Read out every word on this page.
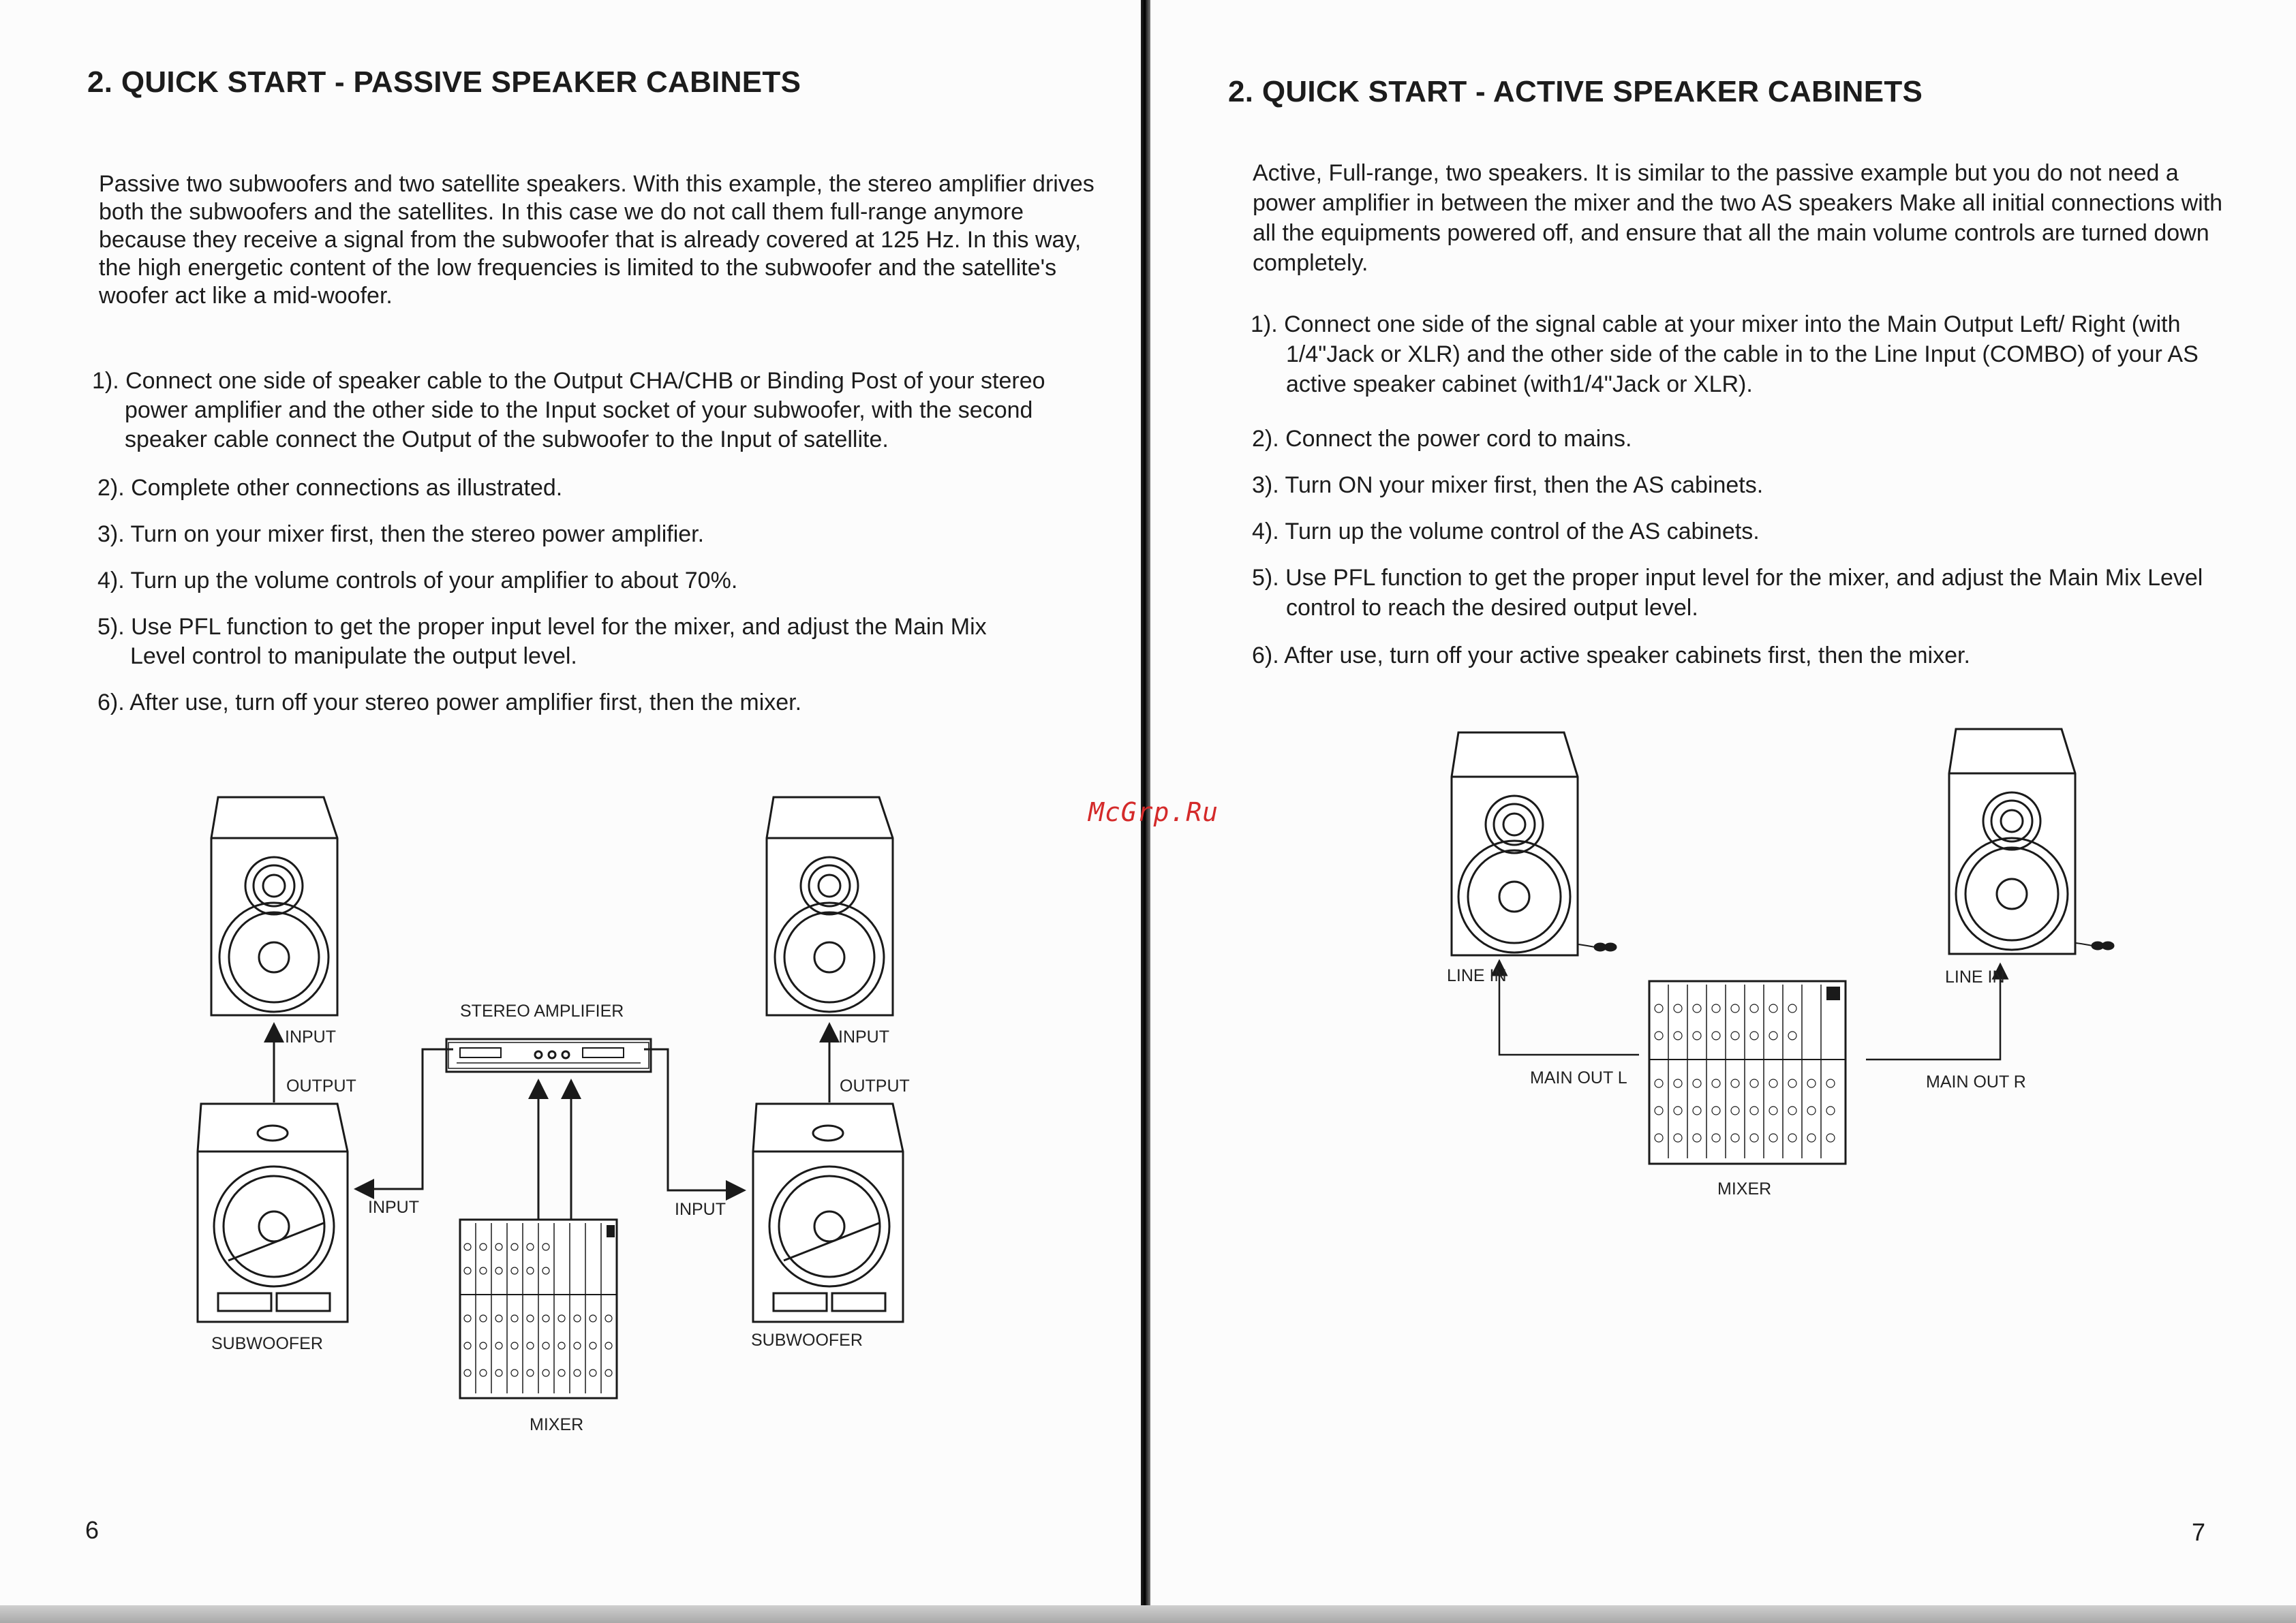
2. QUICK START - PASSIVE SPEAKER CABINETS

Passive two subwoofers and two satellite speakers. With this example, the stereo amplifier drives both the subwoofers and the satellites. In this case we do not call them full-range anymore because they receive a signal from the subwoofer that is already covered at 125 Hz. In this way, the high energetic content of the low frequencies is limited to the subwoofer and the satellite's woofer act like a mid-woofer.

1). Connect one side of speaker cable to the Output CHA/CHB or Binding Post of your stereo power amplifier and the other side to the Input socket of your subwoofer, with the second speaker cable connect the Output of the subwoofer to the Input of satellite.
2). Complete other connections as illustrated.
3). Turn on your mixer first, then the stereo power amplifier.
4). Turn up the volume controls of your amplifier to about 70%.
5). Use PFL function to get the proper input level for the mixer, and adjust the Main Mix Level control to manipulate the output level.
6). After use, turn off your stereo power amplifier first, then the mixer.
STEREO AMPLIFIER
INPUT
OUTPUT
INPUT
SUBWOOFER
INPUT
OUTPUT
INPUT
SUBWOOFER
MIXER
6
2. QUICK START - ACTIVE SPEAKER CABINETS

Active, Full-range, two speakers. It is similar to the passive example but you do not need a power amplifier in between the mixer and the two AS speakers Make all initial connections with all the equipments powered off, and ensure that all the main volume controls are turned down completely.

1). Connect one side of the signal cable at your mixer into the Main Output Left/ Right (with 1/4"Jack or XLR) and the other side of the cable in to the Line Input (COMBO) of your AS active speaker cabinet (with1/4"Jack or XLR).
2). Connect the power cord to mains.
3). Turn ON your mixer first, then the AS cabinets.
4). Turn up the volume control of the AS cabinets.
5). Use PFL function to get the proper input level for the mixer, and adjust the Main Mix Level control to reach the desired output level.
6). After use, turn off your active speaker cabinets first, then the mixer.
LINE IN	LINE IN
MAIN OUT L	MAIN OUT R
MIXER
7
McGrp.Ru
